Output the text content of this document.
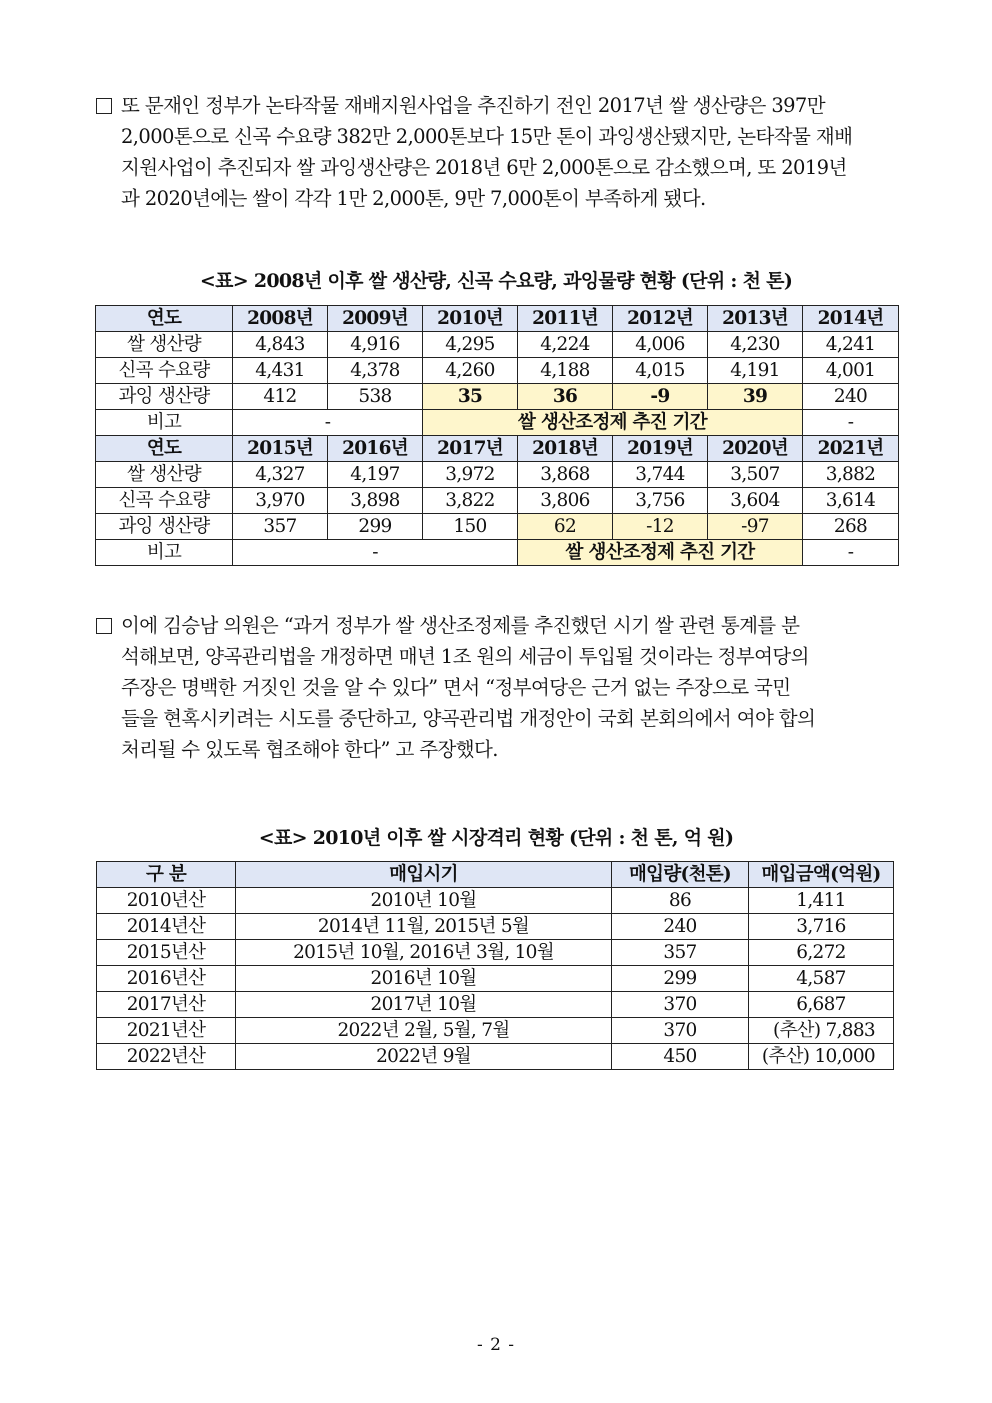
또 문재인 정부가 논타작물 재배지원사업을 추진하기 전인 2017년 쌀 생산량은 397만
2,000톤으로 신곡 수요량 382만 2,000톤보다 15만 톤이 과잉생산됐지만, 논타작물 재배
지원사업이 추진되자 쌀 과잉생산량은 2018년 6만 2,000톤으로 감소했으며, 또 2019년
과 2020년에는 쌀이 각각 1만 2,000톤, 9만 7,000톤이 부족하게 됐다.
<표> 2008년 이후 쌀 생산량, 신곡 수요량, 과잉물량 현황 (단위 : 천 톤)
연도	2008년	2009년	2010년	2011년	2012년	2013년	2014년
쌀 생산량	4,843	4,916	4,295	4,224	4,006	4,230	4,241
신곡 수요량	4,431	4,378	4,260	4,188	4,015	4,191	4,001
과잉 생산량	412	538	35	36	-9	39	240
비고	-		쌀 생산조정제 추진 기간				-
연도	2015년	2016년	2017년	2018년	2019년	2020년	2021년
쌀 생산량	4,327	4,197	3,972	3,868	3,744	3,507	3,882
신곡 수요량	3,970	3,898	3,822	3,806	3,756	3,604	3,614
과잉 생산량	357	299	150	62	-12	-97	268
비고	-			쌀 생산조정제 추진 기간			-
이에 김승남 의원은 “과거 정부가 쌀 생산조정제를 추진했던 시기 쌀 관련 통계를 분
석해보면, 양곡관리법을 개정하면 매년 1조 원의 세금이 투입될 것이라는 정부여당의
주장은 명백한 거짓인 것을 알 수 있다” 면서 “정부여당은 근거 없는 주장으로 국민
들을 현혹시키려는 시도를 중단하고, 양곡관리법 개정안이 국회 본회의에서 여야 합의
처리될 수 있도록 협조해야 한다” 고 주장했다.
<표> 2010년 이후 쌀 시장격리 현황 (단위 : 천 톤, 억 원)
구 분	매입시기	매입량(천톤)	매입금액(억원)
2010년산	2010년 10월	86	1,411
2014년산	2014년 11월, 2015년 5월	240	3,716
2015년산	2015년 10월, 2016년 3월, 10월	357	6,272
2016년산	2016년 10월	299	4,587
2017년산	2017년 10월	370	6,687
2021년산	2022년 2월, 5월, 7월	370	(추산) 7,883
2022년산	2022년 9월	450	(추산) 10,000
- 2 -
